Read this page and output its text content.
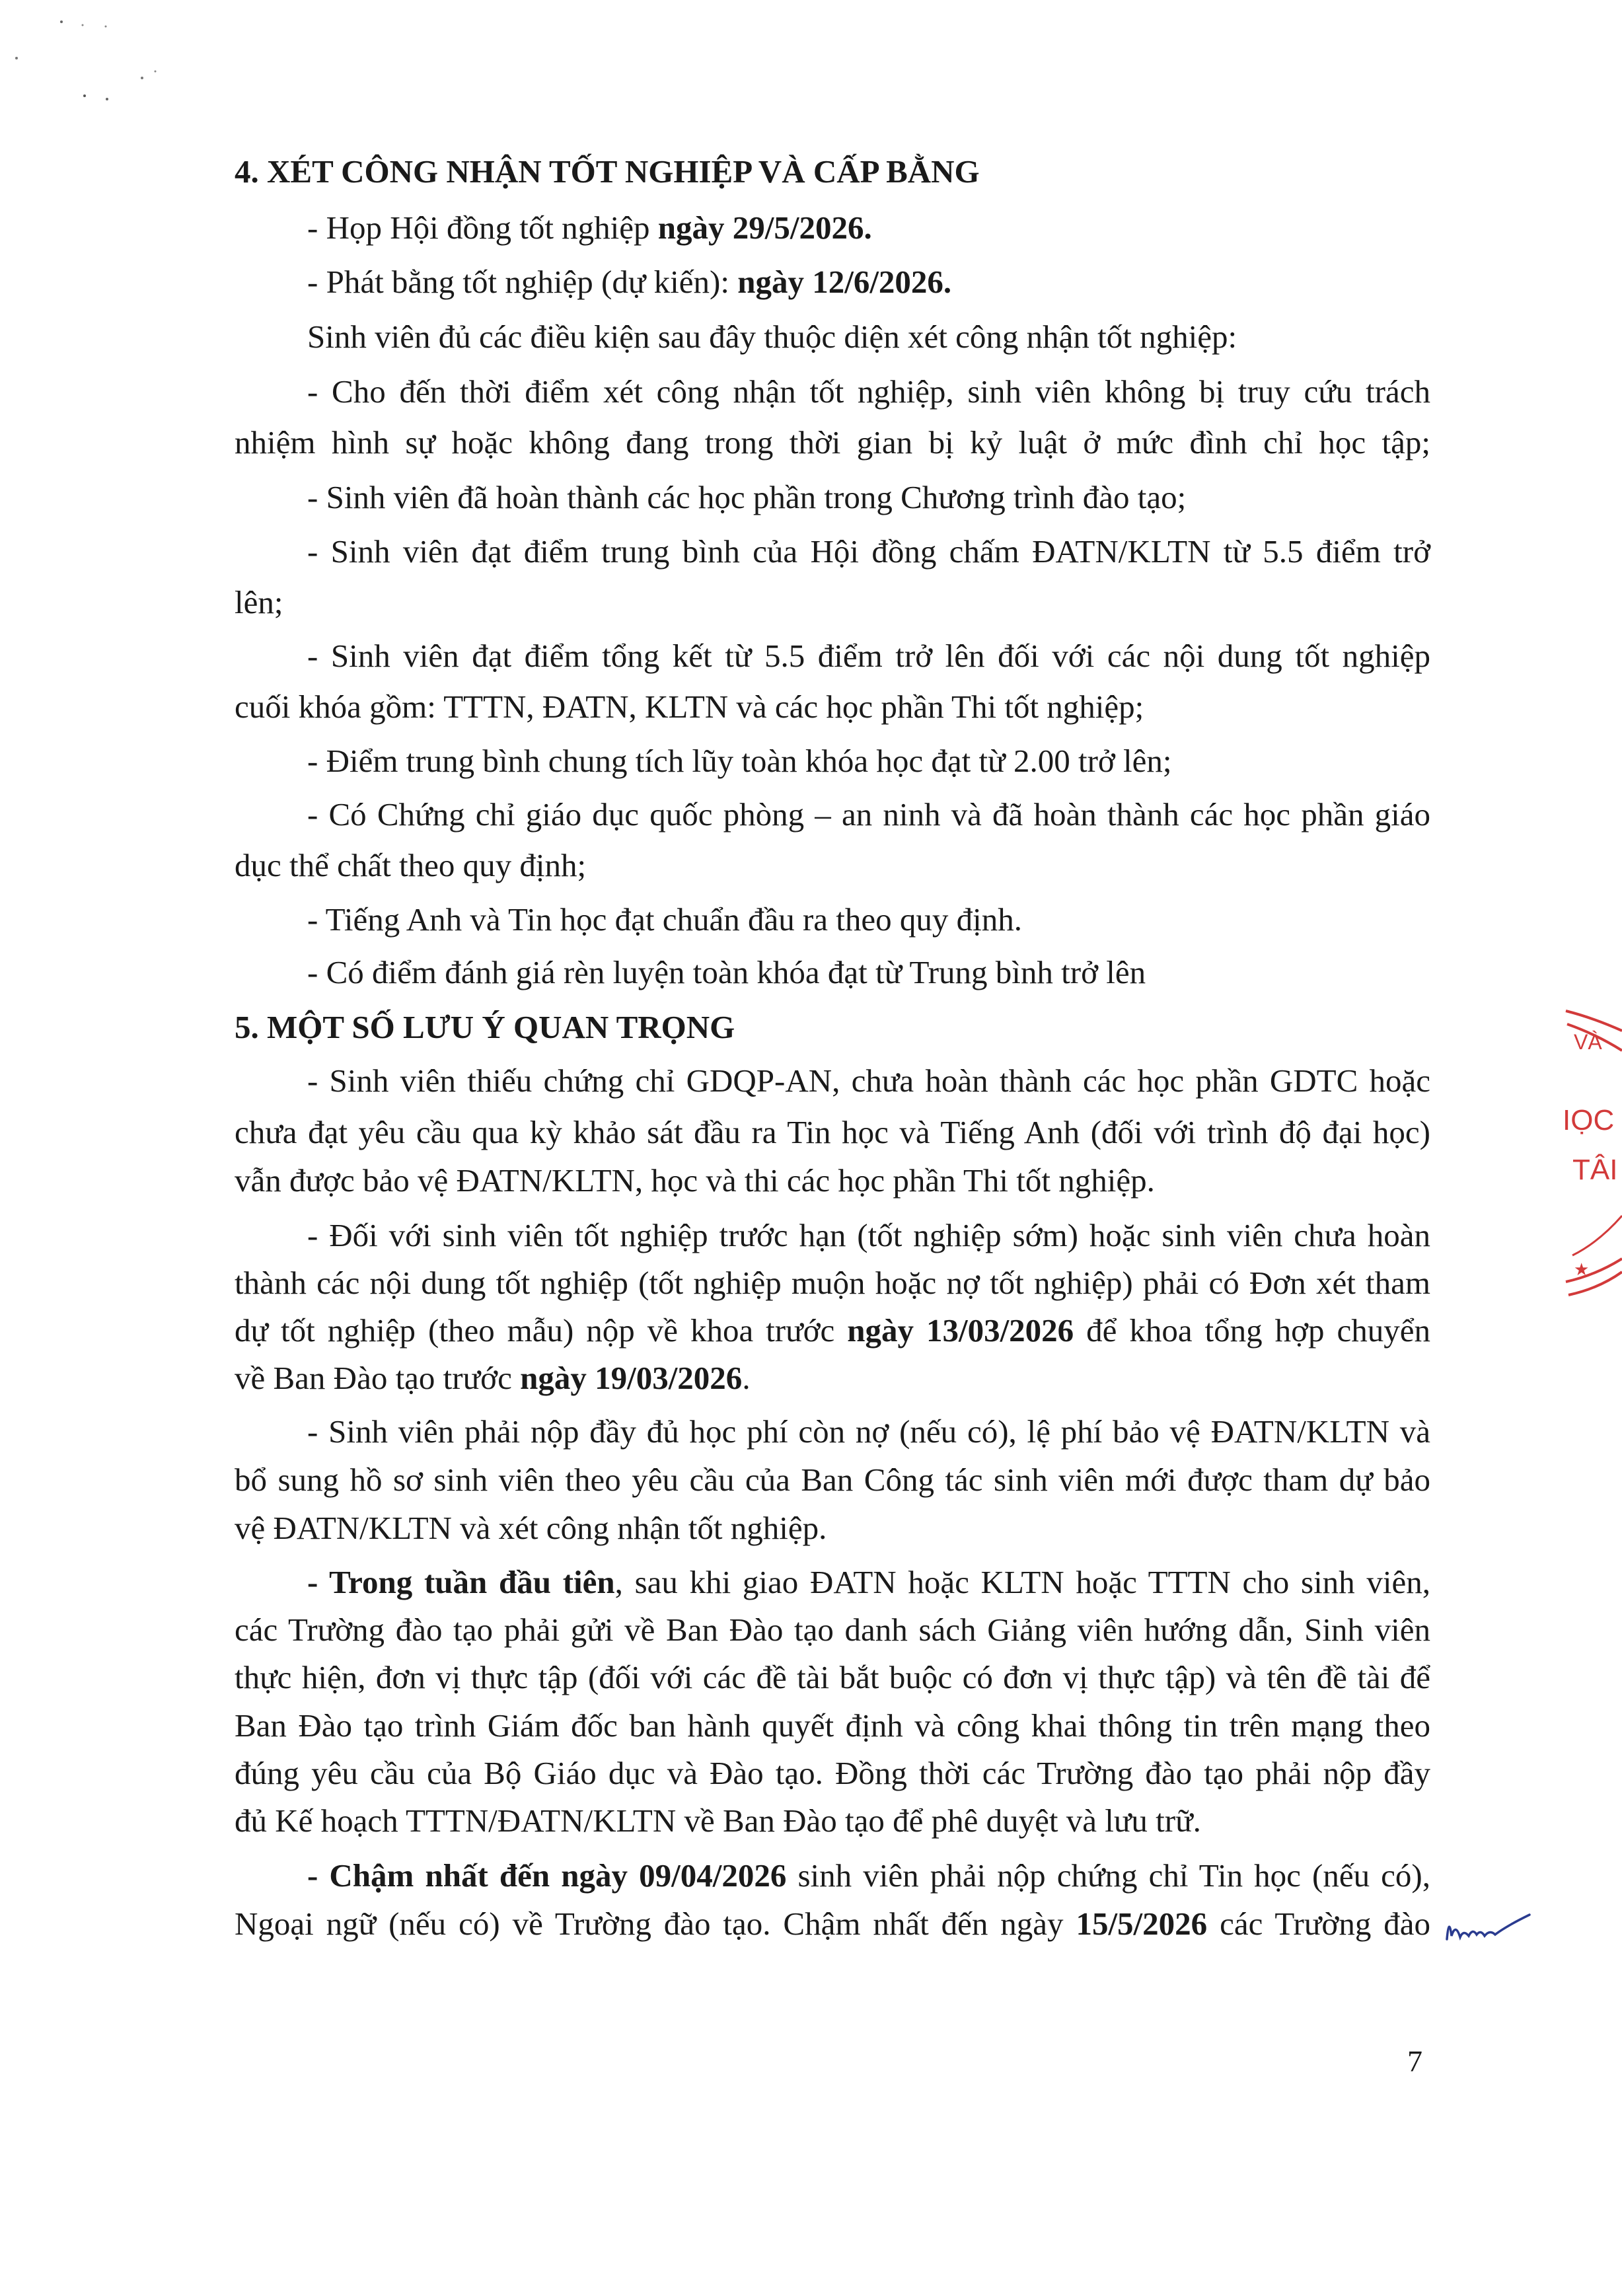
4. XÉT CÔNG NHẬN TỐT NGHIỆP VÀ CẤP BẰNG
- Họp Hội đồng tốt nghiệp ngày 29/5/2026.
- Phát bằng tốt nghiệp (dự kiến): ngày 12/6/2026.
Sinh viên đủ các điều kiện sau đây thuộc diện xét công nhận tốt nghiệp:
- Cho đến thời điểm xét công nhận tốt nghiệp, sinh viên không bị truy cứu trách
nhiệm hình sự hoặc không đang trong thời gian bị kỷ luật ở mức đình chỉ học tập;
- Sinh viên đã hoàn thành các học phần trong Chương trình đào tạo;
- Sinh viên đạt điểm trung bình của Hội đồng chấm ĐATN/KLTN từ 5.5 điểm trở
lên;
- Sinh viên đạt điểm tổng kết từ 5.5 điểm trở lên đối với các nội dung tốt nghiệp
cuối khóa gồm: TTTN, ĐATN, KLTN và các học phần Thi tốt nghiệp;
- Điểm trung bình chung tích lũy toàn khóa học đạt từ 2.00 trở lên;
- Có Chứng chỉ giáo dục quốc phòng – an ninh và đã hoàn thành các học phần giáo
dục thể chất theo quy định;
- Tiếng Anh và Tin học đạt chuẩn đầu ra theo quy định.
- Có điểm đánh giá rèn luyện toàn khóa đạt từ Trung bình trở lên
5. MỘT SỐ LƯU Ý QUAN TRỌNG
- Sinh viên thiếu chứng chỉ GDQP-AN, chưa hoàn thành các học phần GDTC hoặc
chưa đạt yêu cầu qua kỳ khảo sát đầu ra Tin học và Tiếng Anh (đối với trình độ đại học)
vẫn được bảo vệ ĐATN/KLTN, học và thi các học phần Thi tốt nghiệp.
- Đối với sinh viên tốt nghiệp trước hạn (tốt nghiệp sớm) hoặc sinh viên chưa hoàn
thành các nội dung tốt nghiệp (tốt nghiệp muộn hoặc nợ tốt nghiệp) phải có Đơn xét tham
dự tốt nghiệp (theo mẫu) nộp về khoa trước ngày 13/03/2026 để khoa tổng hợp chuyển
về Ban Đào tạo trước ngày 19/03/2026.
- Sinh viên phải nộp đầy đủ học phí còn nợ (nếu có), lệ phí bảo vệ ĐATN/KLTN và
bổ sung hồ sơ sinh viên theo yêu cầu của Ban Công tác sinh viên mới được tham dự bảo
vệ ĐATN/KLTN và xét công nhận tốt nghiệp.
- Trong tuần đầu tiên, sau khi giao ĐATN hoặc KLTN hoặc TTTN cho sinh viên,
các Trường đào tạo phải gửi về Ban Đào tạo danh sách Giảng viên hướng dẫn, Sinh viên
thực hiện, đơn vị thực tập (đối với các đề tài bắt buộc có đơn vị thực tập) và tên đề tài để
Ban Đào tạo trình Giám đốc ban hành quyết định và công khai thông tin trên mạng theo
đúng yêu cầu của Bộ Giáo dục và Đào tạo. Đồng thời các Trường đào tạo phải nộp đầy
đủ Kế hoạch TTTN/ĐATN/KLTN về Ban Đào tạo để phê duyệt và lưu trữ.
- Chậm nhất đến ngày 09/04/2026 sinh viên phải nộp chứng chỉ Tin học (nếu có),
Ngoại ngữ (nếu có) về Trường đào tạo. Chậm nhất đến ngày 15/5/2026 các Trường đào
VÀ
IỌC
TÂI
★
7
